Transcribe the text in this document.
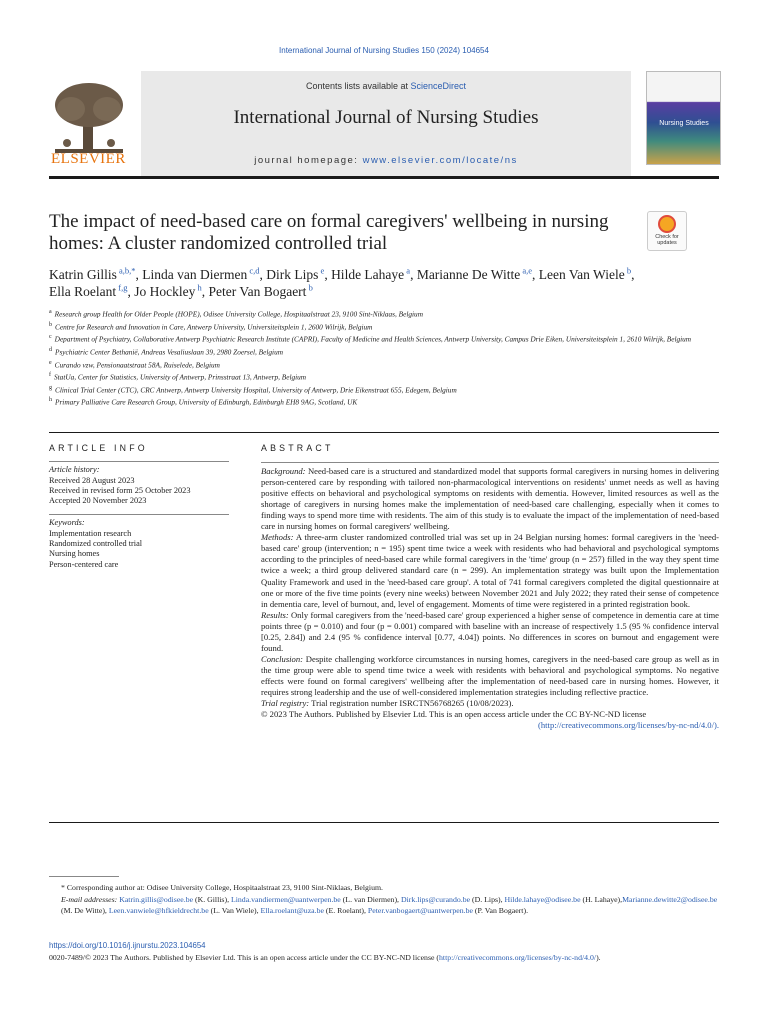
International Journal of Nursing Studies 150 (2024) 104654
ELSEVIER
Contents lists available at ScienceDirect
International Journal of Nursing Studies
journal homepage: www.elsevier.com/locate/ns
Nursing Studies
The impact of need-based care on formal caregivers' wellbeing in nursing homes: A cluster randomized controlled trial	Check for updates
Katrin Gillis $^{a,b,*}$, Linda van Diermen $^{c,d}$, Dirk Lips $^e$, Hilde Lahaye $^a$, Marianne De Witte $^{a,e}$, Leen Van Wiele $^b$,
Ella Roelant $^{f,g}$, Jo Hockley $^h$, Peter Van Bogaert $^b$
$^a$ Research group Health for Older People (HOPE), Odisee University College, Hospitaalstraat 23, 9100 Sint-Niklaas, Belgium
$^b$ Centre for Research and Innovation in Care, Antwerp University, Universiteitsplein 1, 2600 Wilrijk, Belgium
$^c$ Department of Psychiatry, Collaborative Antwerp Psychiatric Research Institute (CAPRI), Faculty of Medicine and Health Sciences, Antwerp University, Campus Drie Eiken, Universiteitsplein 1, 2610 Wilrijk, Belgium
$^d$ Psychiatric Center Bethanië, Andreas Vesaliuslaan 39, 2980 Zoersel, Belgium
$^e$ Curando vzw, Pensionaatstraat 58A, Ruiselede, Belgium
$^f$ StatUa, Center for Statistics, University of Antwerp, Prinsstraat 13, Antwerp, Belgium
$^g$ Clinical Trial Center (CTC), CRC Antwerp, Antwerp University Hospital, University of Antwerp, Drie Eikenstraat 655, Edegem, Belgium
$^h$ Primary Palliative Care Research Group, University of Edinburgh, Edinburgh EH8 9AG, Scotland, UK
ARTICLE INFO
Article history:
Received 28 August 2023
Received in revised form 25 October 2023
Accepted 20 November 2023
Keywords:
Implementation research
Randomized controlled trial
Nursing homes
Person-centered care
ABSTRACT

Background: Need-based care is a structured and standardized model that supports formal caregivers in nursing homes in delivering person-centered care by responding with tailored non-pharmacological interventions on residents' unmet needs as well as having positive effects on behavioral and psychological symptoms on residents with dementia. However, limited resources as well as the shortage of caregivers in nursing homes make the implementation of need-based care challenging, especially when it comes to finding ways to spend more time with residents. The aim of this study is to evaluate the impact of the implementation of need-based care in nursing homes on formal caregivers' wellbeing.

Methods: A three-arm cluster randomized controlled trial was set up in 24 Belgian nursing homes: formal caregivers in the 'need-based care' group (intervention; n = 195) spent time twice a week with residents who had behavioral and psychological symptoms according to the principles of need-based care while formal caregivers in the 'time' group (n = 257) filled in the way they spent time twice a week; a third group delivered standard care (n = 299). An implementation strategy was built upon the Implementation Quality Framework and used in the 'need-based care group'. A total of 741 formal caregivers completed the digital questionnaire at one or more of the five time points (every nine weeks) between November 2021 and July 2022; they rated their sense of competence in dementia care, level of burnout, and, level of engagement. Moments of time were registered in a printed registration book.

Results: Only formal caregivers from the 'need-based care' group experienced a higher sense of competence in dementia care at time points three (p = 0.010) and four (p = 0.001) compared with baseline with an increase of respectively 1.5 (95 % confidence interval [0.25, 2.84]) and 2.4 (95 % confidence interval [0.77, 4.04]) points. No differences in scores on burnout and engagement were found.

Conclusion: Despite challenging workforce circumstances in nursing homes, caregivers in the need-based care group as well as in the time group were able to spend time twice a week with residents with behavioral and psychological symptoms. No negative effects were found on formal caregivers' wellbeing after the implementation of need-based care in nursing homes. However, it requires strong leadership and the use of well-considered implementation strategies including reflective practice.

Trial registry: Trial registration number ISRCTN56768265 (10/08/2023).

© 2023 The Authors. Published by Elsevier Ltd. This is an open access article under the CC BY-NC-ND license

(http://creativecommons.org/licenses/by-nc-nd/4.0/).

* Corresponding author at: Odisee University College, Hospitaalstraat 23, 9100 Sint-Niklaas, Belgium.
E-mail addresses: Katrin.gillis@odisee.be (K. Gillis), Linda.vandiermen@uantwerpen.be (L. van Diermen), Dirk.lips@curando.be (D. Lips), Hilde.lahaye@odisee.be (H. Lahaye),Marianne.dewitte2@odisee.be (M. De Witte), Leen.vanwiele@hfkieldrecht.be (L. Van Wiele), Ella.roelant@uza.be (E. Roelant), Peter.vanbogaert@uantwerpen.be (P. Van Bogaert).
https://doi.org/10.1016/j.ijnurstu.2023.104654
0020-7489/© 2023 The Authors. Published by Elsevier Ltd. This is an open access article under the CC BY-NC-ND license (http://creativecommons.org/licenses/by-nc-nd/4.0/).
